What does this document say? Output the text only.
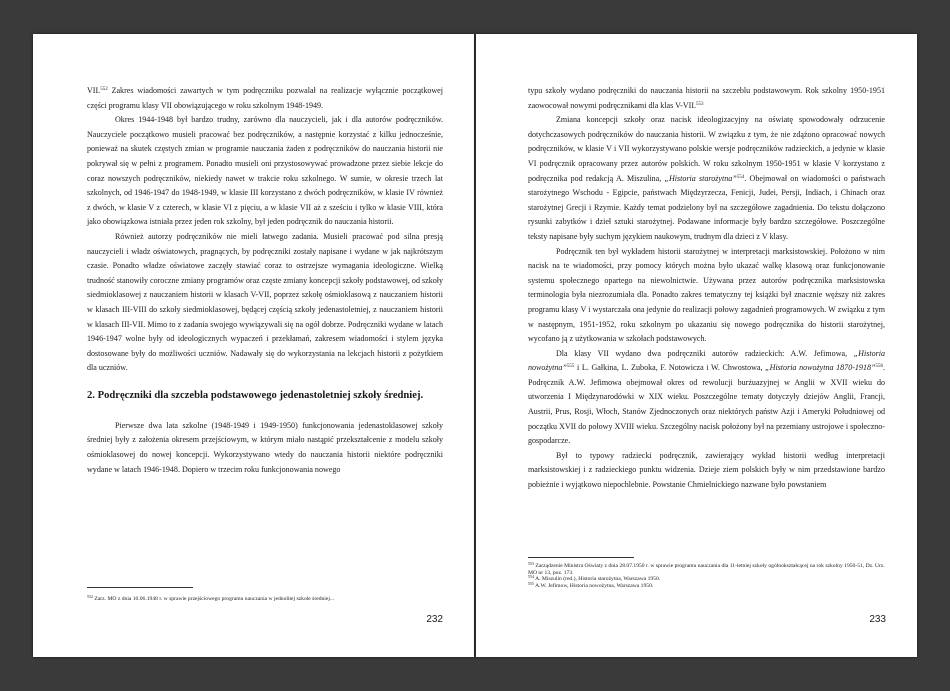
VII.$^{552}$ Zakres wiadomości zawartych w tym podręczniku pozwalał na realizacje wyłącznie początkowej części programu klasy VII obowiązującego w roku szkolnym 1948-1949.

Okres 1944-1948 był bardzo trudny, zarówno dla nauczycieli, jak i dla autorów podręczników. Nauczyciele początkowo musieli pracować bez podręczników, a następnie korzystać z kilku jednocześnie, ponieważ na skutek częstych zmian w programie nauczania żaden z podręczników do nauczania historii nie pokrywał się w pełni z programem. Ponadto musieli oni przystosowywać prowadzone przez siebie lekcje do coraz nowszych podręczników, niekiedy nawet w trakcie roku szkolnego. W sumie, w okresie trzech lat szkolnych, od 1946-1947 do 1948-1949, w klasie III korzystano z dwóch podręczników, w klasie IV również z dwóch, w klasie V z czterech, w klasie VI z pięciu, a w klasie VII aż z sześciu i tylko w klasie VIII, która jako obowiązkowa istniała przez jeden rok szkolny, był jeden podręcznik do nauczania historii.

Również autorzy podręczników nie mieli łatwego zadania. Musieli pracować pod silna presją nauczycieli i władz oświatowych, pragnących, by podręczniki zostały napisane i wydane w jak najkrótszym czasie. Ponadto władze oświatowe zaczęły stawiać coraz to ostrzejsze wymagania ideologiczne. Wielką trudność stanowiły coroczne zmiany programów oraz częste zmiany koncepcji szkoły podstawowej, od szkoły siedmioklasowej z nauczaniem historii w klasach V-VII, poprzez szkołę ośmioklasową z nauczaniem historii w klasach III-VIII do szkoły siedmioklasowej, będącej częścią szkoły jedenastoletniej, z nauczaniem historii w klasach III-VII. Mimo to z zadania swojego wywiązywali się na ogół dobrze. Podręczniki wydane w latach 1946-1947 wolne były od ideologicznych wypaczeń i przekłamań, zakresem wiadomości i stylem języka dostosowane były do możliwości uczniów. Nadawały się do wykorzystania na lekcjach historii z pożytkiem dla uczniów.

2. Podręczniki dla szczebla podstawowego jedenastoletniej szkoły średniej.

Pierwsze dwa lata szkolne (1948-1949 i 1949-1950) funkcjonowania jedenastoklasowej szkoły średniej były z założenia okresem przejściowym, w którym miało nastąpić przekształcenie z modelu szkoły ośmioklasowej do nowej koncepcji. Wykorzystywano wtedy do nauczania historii niektóre podręczniki wydane w latach 1946-1948. Dopiero w trzecim roku funkcjonowania nowego

$^{552}$ Zarz. MO z dnia 10.06.1948 r. w sprawie przejściowego programu nauczania w jednolitej szkole średniej...
232

typu szkoły wydano podręczniki do nauczania historii na szczeblu podstawowym. Rok szkolny 1950-1951 zaowocował nowymi podręcznikami dla klas V-VII.$^{553}$

Zmiana koncepcji szkoły oraz nacisk ideologizacyjny na oświatę spowodowały odrzucenie dotychczasowych podręczników do nauczania historii. W związku z tym, że nie zdążono opracować nowych podręczników, w klasie V i VII wykorzystywano polskie wersje podręczników radzieckich, a jedynie w klasie VI podręcznik opracowany przez autorów polskich. W roku szkolnym 1950-1951 w klasie V korzystano z podręcznika pod redakcją A. Miszulina, „Historia starożytna”$^{554}$. Obejmował on wiadomości o państwach starożytnego Wschodu - Egipcie, państwach Międzyrzecza, Fenicji, Judei, Persji, Indiach, i Chinach oraz starożytnej Grecji i Rzymie. Każdy temat podzielony był na szczegółowe zagadnienia. Do tekstu dołączono rysunki zabytków i dzieł sztuki starożytnej. Podawane informacje były bardzo szczegółowe. Poszczególne teksty napisane były suchym językiem naukowym, trudnym dla dzieci z V klasy.

Podręcznik ten był wykładem historii starożytnej w interpretacji marksistowskiej. Położono w nim nacisk na te wiadomości, przy pomocy których można było ukazać walkę klasową oraz funkcjonowanie systemu społecznego opartego na niewolnictwie. Używana przez autorów podręcznika marksistowska terminologia była niezrozumiała dla. Ponadto zakres tematyczny tej książki był znacznie węższy niż zakres programu klasy V i wystarczała ona jedynie do realizacji połowy zagadnień programowych. W związku z tym w następnym, 1951-1952, roku szkolnym po ukazaniu się nowego podręcznika do historii starożytnej, wycofano ją z użytkowania w szkołach podstawowych.

Dla klasy VII wydano dwa podręczniki autorów radzieckich: A.W. Jefimowa, „Historia nowożytna”$^{555}$ i L. Gałkina, L. Zuboka, F. Notowicza i W. Chwostowa, „Historia nowożytna 1870-1918”$^{556}$. Podręcznik A.W. Jefimowa obejmował okres od rewolucji burżuazyjnej w Anglii w XVII wieku do utworzenia I Międzynarodówki w XIX wieku. Poszczególne tematy dotyczyły dziejów Anglii, Francji, Austrii, Prus, Rosji, Włoch, Stanów Zjednoczonych oraz niektórych państw Azji i Ameryki Południowej od początku XVII do połowy XVIII wieku. Szczególny nacisk położony był na przemiany ustrojowe i społeczno-gospodarcze.

Był to typowy radziecki podręcznik, zawierający wykład historii według interpretacji marksistowskiej i z radzieckiego punktu widzenia. Dzieje ziem polskich były w nim przedstawione bardzo pobieżnie i wyjątkowo niepochlebnie. Powstanie Chmielnickiego nazwane było powstaniem

$^{553}$ Zarządzenie Ministra Oświaty z dnia 28.07.1950 r. w sprawie programu nauczania dla 11-letniej szkoły ogólnokształcącej na rok szkolny 1950-51, Dz. Urz. MO nr 13, poz. 173.
$^{554}$ A. Miszulin (red.), Historia starożytna, Warszawa 1950.
$^{555}$ A.W. Jefimow, Historia nowożytna, Warszawa 1950.
233
